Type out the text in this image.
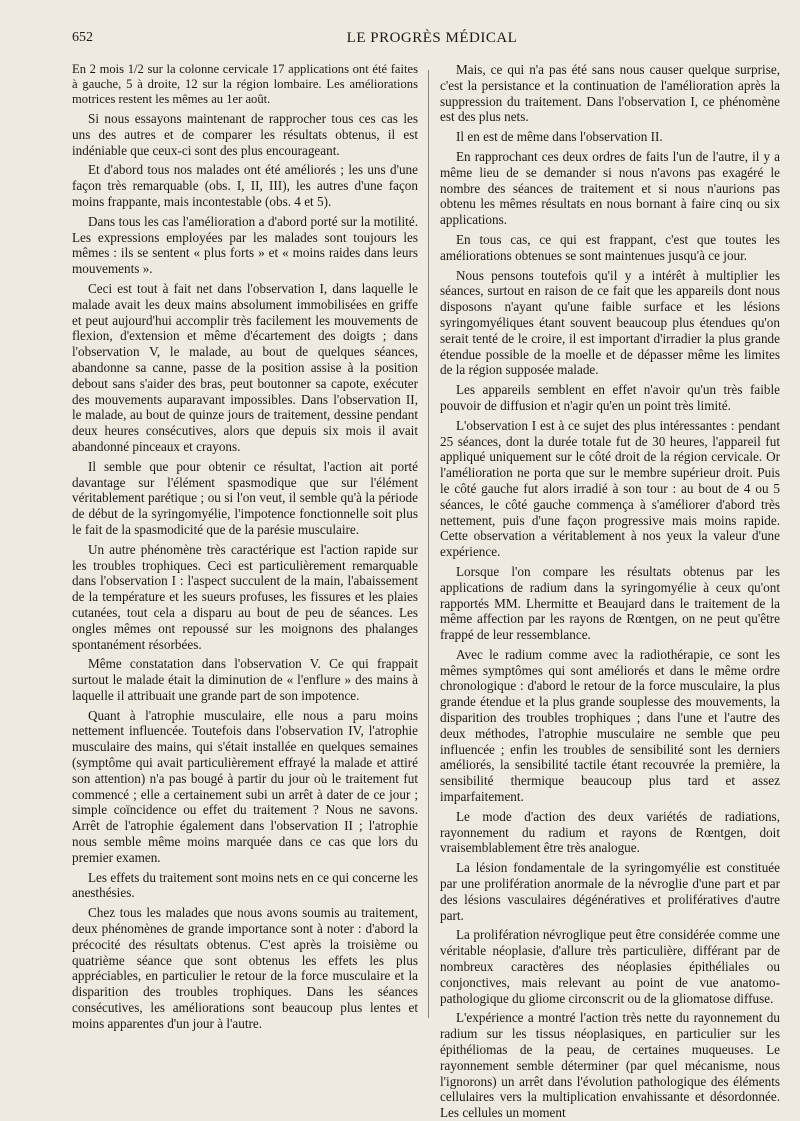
652	LE PROGRÈS MÉDICAL

En 2 mois 1/2 sur la colonne cervicale 17 applications ont été faites à gauche, 5 à droite, 12 sur la région lombaire. Les améliorations motrices restent les mêmes au 1er août.

Si nous essayons maintenant de rapprocher tous ces cas les uns des autres et de comparer les résultats obtenus, il est indéniable que ceux-ci sont des plus encourageant.

Et d'abord tous nos malades ont été améliorés ; les uns d'une façon très remarquable (obs. I, II, III), les autres d'une façon moins frappante, mais incontestable (obs. 4 et 5).

Dans tous les cas l'amélioration a d'abord porté sur la motilité. Les expressions employées par les malades sont toujours les mêmes : ils se sentent « plus forts » et « moins raides dans leurs mouvements ».

Ceci est tout à fait net dans l'observation I, dans laquelle le malade avait les deux mains absolument immobilisées en griffe et peut aujourd'hui accomplir très facilement les mouvements de flexion, d'extension et même d'écartement des doigts ; dans l'observation V, le malade, au bout de quelques séances, abandonne sa canne, passe de la position assise à la position debout sans s'aider des bras, peut boutonner sa capote, exécuter des mouvements auparavant impossibles. Dans l'observation II, le malade, au bout de quinze jours de traitement, dessine pendant deux heures consécutives, alors que depuis six mois il avait abandonné pinceaux et crayons.

Il semble que pour obtenir ce résultat, l'action ait porté davantage sur l'élément spasmodique que sur l'élément véritablement parétique ; ou si l'on veut, il semble qu'à la période de début de la syringomyélie, l'impotence fonctionnelle soit plus le fait de la spasmodicité que de la parésie musculaire.

Un autre phénomène très caractérique est l'action rapide sur les troubles trophiques. Ceci est particulièrement remarquable dans l'observation I : l'aspect succulent de la main, l'abaissement de la température et les sueurs profuses, les fissures et les plaies cutanées, tout cela a disparu au bout de peu de séances. Les ongles mêmes ont repoussé sur les moignons des phalanges spontanément résorbées.

Même constatation dans l'observation V. Ce qui frappait surtout le malade était la diminution de « l'enflure » des mains à laquelle il attribuait une grande part de son impotence.

Quant à l'atrophie musculaire, elle nous a paru moins nettement influencée. Toutefois dans l'observation IV, l'atrophie musculaire des mains, qui s'était installée en quelques semaines (symptôme qui avait particulièrement effrayé la malade et attiré son attention) n'a pas bougé à partir du jour où le traitement fut commencé ; elle a certainement subi un arrêt à dater de ce jour ; simple coïncidence ou effet du traitement ? Nous ne savons. Arrêt de l'atrophie également dans l'observation II ; l'atrophie nous semble même moins marquée dans ce cas que lors du premier examen.

Les effets du traitement sont moins nets en ce qui concerne les anesthésies.

Chez tous les malades que nous avons soumis au traitement, deux phénomènes de grande importance sont à noter : d'abord la précocité des résultats obtenus. C'est après la troisième ou quatrième séance que sont obtenus les effets les plus appréciables, en particulier le retour de la force musculaire et la disparition des troubles trophiques. Dans les séances consécutives, les améliorations sont beaucoup plus lentes et moins apparentes d'un jour à l'autre.

Mais, ce qui n'a pas été sans nous causer quelque surprise, c'est la persistance et la continuation de l'amélioration après la suppression du traitement. Dans l'observation I, ce phénomène est des plus nets.

Il en est de même dans l'observation II.

En rapprochant ces deux ordres de faits l'un de l'autre, il y a même lieu de se demander si nous n'avons pas exagéré le nombre des séances de traitement et si nous n'aurions pas obtenu les mêmes résultats en nous bornant à faire cinq ou six applications.

En tous cas, ce qui est frappant, c'est que toutes les améliorations obtenues se sont maintenues jusqu'à ce jour.

Nous pensons toutefois qu'il y a intérêt à multiplier les séances, surtout en raison de ce fait que les appareils dont nous disposons n'ayant qu'une faible surface et les lésions syringomyéliques étant souvent beaucoup plus étendues qu'on serait tenté de le croire, il est important d'irradier la plus grande étendue possible de la moelle et de dépasser même les limites de la région supposée malade.

Les appareils semblent en effet n'avoir qu'un très faible pouvoir de diffusion et n'agir qu'en un point très limité.

L'observation I est à ce sujet des plus intéressantes : pendant 25 séances, dont la durée totale fut de 30 heures, l'appareil fut appliqué uniquement sur le côté droit de la région cervicale. Or l'amélioration ne porta que sur le membre supérieur droit. Puis le côté gauche fut alors irradié à son tour : au bout de 4 ou 5 séances, le côté gauche commença à s'améliorer d'abord très nettement, puis d'une façon progressive mais moins rapide. Cette observation a véritablement à nos yeux la valeur d'une expérience.

Lorsque l'on compare les résultats obtenus par les applications de radium dans la syringomyélie à ceux qu'ont rapportés MM. Lhermitte et Beaujard dans le traitement de la même affection par les rayons de Rœntgen, on ne peut qu'être frappé de leur ressemblance.

Avec le radium comme avec la radiothérapie, ce sont les mêmes symptômes qui sont améliorés et dans le même ordre chronologique : d'abord le retour de la force musculaire, la plus grande étendue et la plus grande souplesse des mouvements, la disparition des troubles trophiques ; dans l'une et l'autre des deux méthodes, l'atrophie musculaire ne semble que peu influencée ; enfin les troubles de sensibilité sont les derniers améliorés, la sensibilité tactile étant recouvrée la première, la sensibilité thermique beaucoup plus tard et assez imparfaitement.

Le mode d'action des deux variétés de radiations, rayonnement du radium et rayons de Rœntgen, doit vraisemblablement être très analogue.

La lésion fondamentale de la syringomyélie est constituée par une prolifération anormale de la névroglie d'une part et par des lésions vasculaires dégénératives et prolifératives d'autre part.

La prolifération névroglique peut être considérée comme une véritable néoplasie, d'allure très particulière, différant par de nombreux caractères des néoplasies épithéliales ou conjonctives, mais relevant au point de vue anatomo-pathologique du gliome circonscrit ou de la gliomatose diffuse.

L'expérience a montré l'action très nette du rayonnement du radium sur les tissus néoplasiques, en particulier sur les épithéliomas de la peau, de certaines muqueuses. Le rayonnement semble déterminer (par quel mécanisme, nous l'ignorons) un arrêt dans l'évolution pathologique des éléments cellulaires vers la multiplication envahissante et désordonnée. Les cellules un moment
